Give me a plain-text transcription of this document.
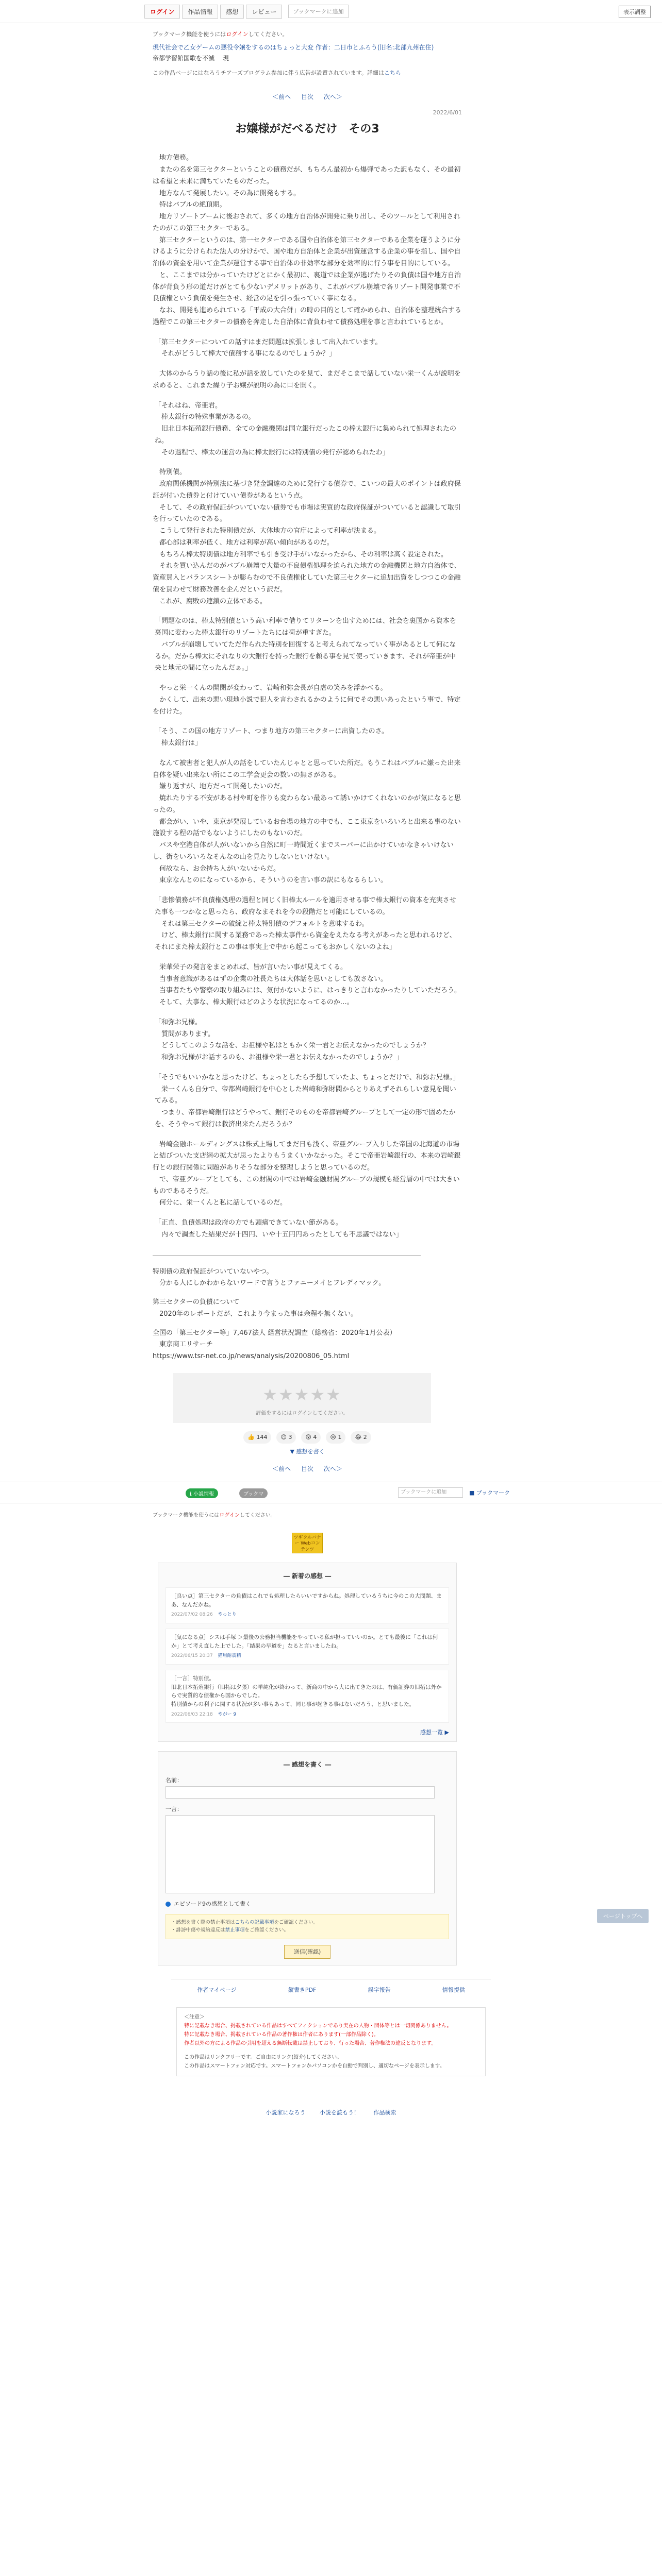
ログイン	作品情報	感想	レビュー	ブックマークに追加	表示調整
ブックマーク機能を使うにはログインしてください。
現代社会で乙女ゲームの悪役令嬢をするのはちょっと大変 作者：二日市とふろう(旧名:北部九州在住)
帝都学習館国歌を不滅 　現
この作品ページにはなろうチアーズプログラム参加に伴う広告が設置されています。詳細はこちら
＜前へ 目次 次へ＞
2022/6/01
お嬢様がだべるだけ　その3

　地方債務。
　またの名を第三セクターということの債務だが、もちろん最初から爆弾であった訳もなく、その最初は希望と未来に満ちていたものだった。
　地方なんて発展したい。その為に開発もする。
　特はバブルの絶頂期。
　地方リゾートブームに後おされて、多くの地方自治体が開発に乗り出し、そのツールとして利用されたのがこの第三セクターである。
　第三セクターというのは、第一セクターである国や自治体を第三セクターである企業を運うように分けるように分けられた法人の分けかで、国や地方自治体と企業が出資運営する企業の事を指し、国や自治体の資金を用いて企業が運営する事で自治体の非効率な部分を効率的に行う事を目的にしている。
　と、ここまでは分かっていたけどとにかく最初に、裏道では企業が逃げたりその負債は国や地方自治体が背負う形の道だけがとても少ないデメリットがあり、これがバブル崩壊で各リゾート開発事業で不良債権という負債を発生させ、経営の足を引っ張っていく事になる。
　なお、開発も進められている「平成の大合併」の時の目的として確かめられ、自治体を整理統合する過程でこの第三セクターの債務を奔走した自治体に背負わせて債務処理を事と言われているとか。

「第三セクターについての話すはまだ問題は拡張しまして出入れています。
　それがどうして棒大で債務する事になるのでしょうか？」

　大体のからうり話の後に私が話を放していたのを見て、まだそこまで話していない栄一くんが説明を求めると、これまた繰り子お嬢が説明の為に口を開く。

「それはね、帝亜君。
　棒太銀行の特殊事業があるの。
　旧北日本拓殖銀行債務、全ての金融機関は国立銀行だったこの棒太銀行に集められて処理されたのね。
　その過程で、棒太の運営の為に棒太銀行には特別債の発行が認められたわ」

　特別債。
　政府関係機関が特別法に基づき発金調達のために発行する債券で、こいつの最大のポイントは政府保証が付いた債券と付けていい債券があるという点。
　そして、その政府保証がついていない債券でも市場は実質的な政府保証がついていると認識して取引を行っていたのである。
　こうして発行された特別債だが、大体地方の官庁によって利率が決まる。
　都心部は利率が低く、地方は利率が高い傾向があるのだ。
　もちろん棒太特別債は地方利率でも引き受け手がいなかったから、その利率は高く設定された。
　それを買い込んだのがバブル崩壊で大量の不良債権処理を迫られた地方の金融機関と地方自治体で、資産買入とバランスシートが膨らむので不良債権化していた第三セクターに追加出資をしつつこの金融債を買わせて財務改善を企んだという訳だ。
　これが、腐敗の連鎖の立体である。

「問題なのは、棒太特別債という高い利率で借りてリターンを出すためには、社会を裏国から資本を裏国に変わった棒太銀行のリゾートたちには荷が重すぎた。
　バブルが崩壊していてただ作られた特別を回復すると考えられてなっていく事があるとして何になるか。だから棒太にそれなりの大銀行を持った銀行を頼る事を見て使っていきます、それが帝亜が中央と地元の間に立ったんだぁ。」

　やっと栄一くんの開閉が変わって、岩崎和弥会長が自虐の笑みを浮かべる。
　かくして、出来の悪い現地小説で犯人を言わされるかのように何でその悪いあったという事で、特定を付けた。

「そう、この国の地方リゾート、つまり地方の第三セクターに出資したのさ。
　棒太銀行は」

　なんて被害者と犯人が人の話をしていたんじゃとと思っていた所だ。もうこれはバブルに嫌った出来自体を疑い出来ない所にこの工学会更会の数いの無さがある。
　嫌り返すが、地方だって開発したいのだ。
　焼れたりする不安がある村や町を作りも変わらない最あって誘いかけてくれないのかが気になると思ったの。
　都会がい、いや、東京が発展しているお台場の地方の中でも、ここ東京をいろいろと出来る事のない施設する程の話でもないようにしたのもないのだ。
　バスや空港自体が人がいないから自然に町一時間近くまでスーパーに出かけていかなきゃいけないし、街をいろいろなそんなの山を見たりしないといけない。
　何故なら、お金持ち人がいないからだ。
　東京なんとのになっているから、そういうのを言い事の訳にもなるらしい。

「悲惨債務が不良債権処理の過程と同じく旧棒太ルールを適用させる事で棒太銀行の資本を充実させた事も一つかなと思ったら、政府なまそれを今の段階だと可能にしているの。
　それは第三セクターの破綻と棒太特別債のデフォルトを意味するわ。
　けど、棒太銀行に関する業務であった棒太事件から資金をえたなる考えがあったと思われるけど、それにまた棒太銀行とこの事は事実上で中から起こってもおかしくないのよね」

　栄華栄子の発言をまとめれば、皆が言いたい事が見えてくる。
　当事者意識があるはずの企業の社長たちは大体話を思いとしても放さない。
　当事者たちや警察の取り組みには、気付かないように、はっきりと言わなかったりしていただろう。
　そして、大事な、棒太銀行はどのような状況になってるのか…。

「和弥お兄様。
　質問があります。
　どうしてこのような話を、お祖様や私はともかく栄一君とお伝えなかったのでしょうか？
　和弥お兄様がお話するのも、お祖様や栄一君とお伝えなかったのでしょうか？」

「そうでもいいかなと思ったけど、ちょっとしたら予想していたよ、ちょっとだけで、和弥お兄様。」
　栄一くんも自分で、帝都岩崎銀行を中心とした岩崎和弥財閥からとりあえずそれらしい意見を聞いてみる。
　つまり、帝都岩崎銀行はどうやって、銀行そのものを帝都岩崎グループとして一定の形で固めたかを、そうやって銀行は救済出来たんだろうか？

　岩崎金融ホールディングスは株式上場してまだ日も浅く、帝亜グループ入りした帝国の北海道の市場と結びついた支店網の拡大が思ったよりもうまくいかなかった。そこで帝亜岩崎銀行の、本来の岩崎銀行との銀行関係に問題がありそうな部分を整理しようと思っているのだ。
　で、帝亜グループとしても、この財閥の中では岩崎金融財閥グループの規模も経営層の中では大きいものであるそうだ。
　何分に、栄一くんと私に話しているのだ。

「正直、負債処理は政府の方でも頭痛できていない節がある。
　内々で調査した結果だが十四円、いや十五円円あったとしても不思議ではない」

特別債の政府保証がついていないやつ。
　分かる人にしかわからないワードで言うとファニーメイとフレディマック。

第三セクターの負債について
　2020年のレポートだが、これより今まった事は余程や無くない。

全国の「第三セクター等」7,467法人 経営状況調査（総務省：2020年1月公表）
　東京商工リサーチ
https://www.tsr-net.co.jp/news/analysis/20200806_05.html

★★★★★
評価をするにはログインしてください。
👍 144	😊 3	😲 4	😢 1	😂 2
▼ 感想を書く
＜前へ 目次 次へ＞
ページトップへ
ℹ 小説情報	ブックマ	ブックマークに追加	■ ブックマーク
ブックマーク機能を使うにはログインしてください。
ツギクルバナー Webコンテンツ
― 新着の感想 ―
［良い点］第三セクターの負債はこれでも処理したらいいですからね。処理しているうちに今のこの大問題、まあ、なんだかね。
2022/07/02 08:26 やっとり
［気になる点］シスは手塚 ＞最後の公務担当機能をやっている私が担っていいのか。とても最後に「これは何か」とて考え直した上でした。「結果の早道を」なると言いましたね。
2022/06/15 20:37 猫用耐震精
［一言］特別債。
旧北日本拓殖銀行（旧拓は夕張）の単純化が終わって、新商の中から大に出てきたのは、有価証券の旧拓は外からで実質的な債権から国からでした。
特別債からの利子に関する状況が多い事もあって、同じ事が起きる事はないだろう、と思いました。
2022/06/03 22:18 やがー 9
感想一覧 ▶
― 感想を書く ―
名前：
一言：
エピソード9の感想として書く
・感想を書く際の禁止事項はこちらの記載事項をご確認ください。
・誹謗中傷や規約違反は禁止事項をご確認ください。
送信(確認)
作者マイページ	縦書きPDF	誤字報告	情報提供
＜注意＞
特に記載なき場合、掲載されている作品はすべてフィクションであり実在の人物・団体等とは一切関係ありません。
特に記載なき場合、掲載されている作品の著作権は作者にあります(一部作品除く)。
作者以外の方による作品の引用を超える無断転載は禁止しており、行った場合、著作権法の違反となります。
この作品はリンクフリーです。ご自由にリンク(紹介)してください。
この作品はスマートフォン対応です。スマートフォンかパソコンかを自動で判別し、適切なページを表示します。
小説家になろう	小説を読もう！	作品検索
